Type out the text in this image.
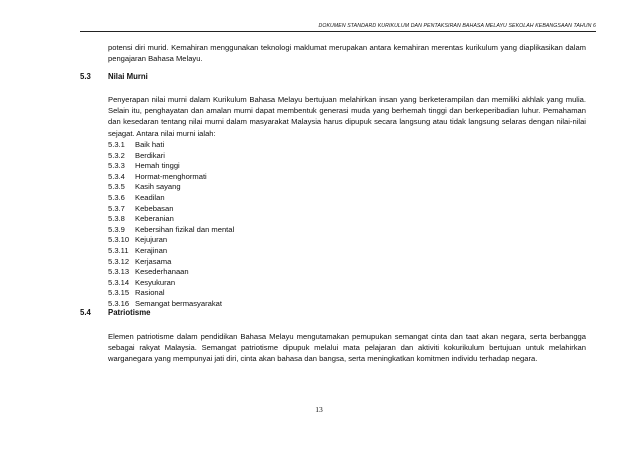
DOKUMEN STANDARD KURIKULUM DAN PENTAKSIRAN BAHASA MELAYU SEKOLAH KEBANGSAAN TAHUN 6
potensi diri murid. Kemahiran menggunakan teknologi maklumat merupakan antara kemahiran merentas kurikulum yang diaplikasikan dalam pengajaran Bahasa Melayu.
5.3 Nilai Murni
Penyerapan nilai murni dalam Kurikulum Bahasa Melayu bertujuan melahirkan insan yang berketerampilan dan memiliki akhlak yang mulia. Selain itu, penghayatan dan amalan murni dapat membentuk generasi muda yang berhemah tinggi dan berkeperibadian luhur. Pemahaman dan kesedaran tentang nilai murni dalam masyarakat Malaysia harus dipupuk secara langsung atau tidak langsung selaras dengan nilai-nilai sejagat. Antara nilai murni ialah:
5.3.1	Baik hati
5.3.2	Berdikari
5.3.3	Hemah tinggi
5.3.4	Hormat-menghormati
5.3.5	Kasih sayang
5.3.6	Keadilan
5.3.7	Kebebasan
5.3.8	Keberanian
5.3.9	Kebersihan fizikal dan mental
5.3.10 Kejujuran
5.3.11 Kerajinan
5.3.12 Kerjasama
5.3.13 Kesederhanaan
5.3.14 Kesyukuran
5.3.15 Rasional
5.3.16 Semangat bermasyarakat
5.4 Patriotisme
Elemen patriotisme dalam pendidikan Bahasa Melayu mengutamakan pemupukan semangat cinta dan taat akan negara, serta berbangga sebagai rakyat Malaysia. Semangat patriotisme dipupuk melalui mata pelajaran dan aktiviti kokurikulum bertujuan untuk melahirkan warganegara yang mempunyai jati diri, cinta akan bahasa dan bangsa, serta meningkatkan komitmen individu terhadap negara.
13
